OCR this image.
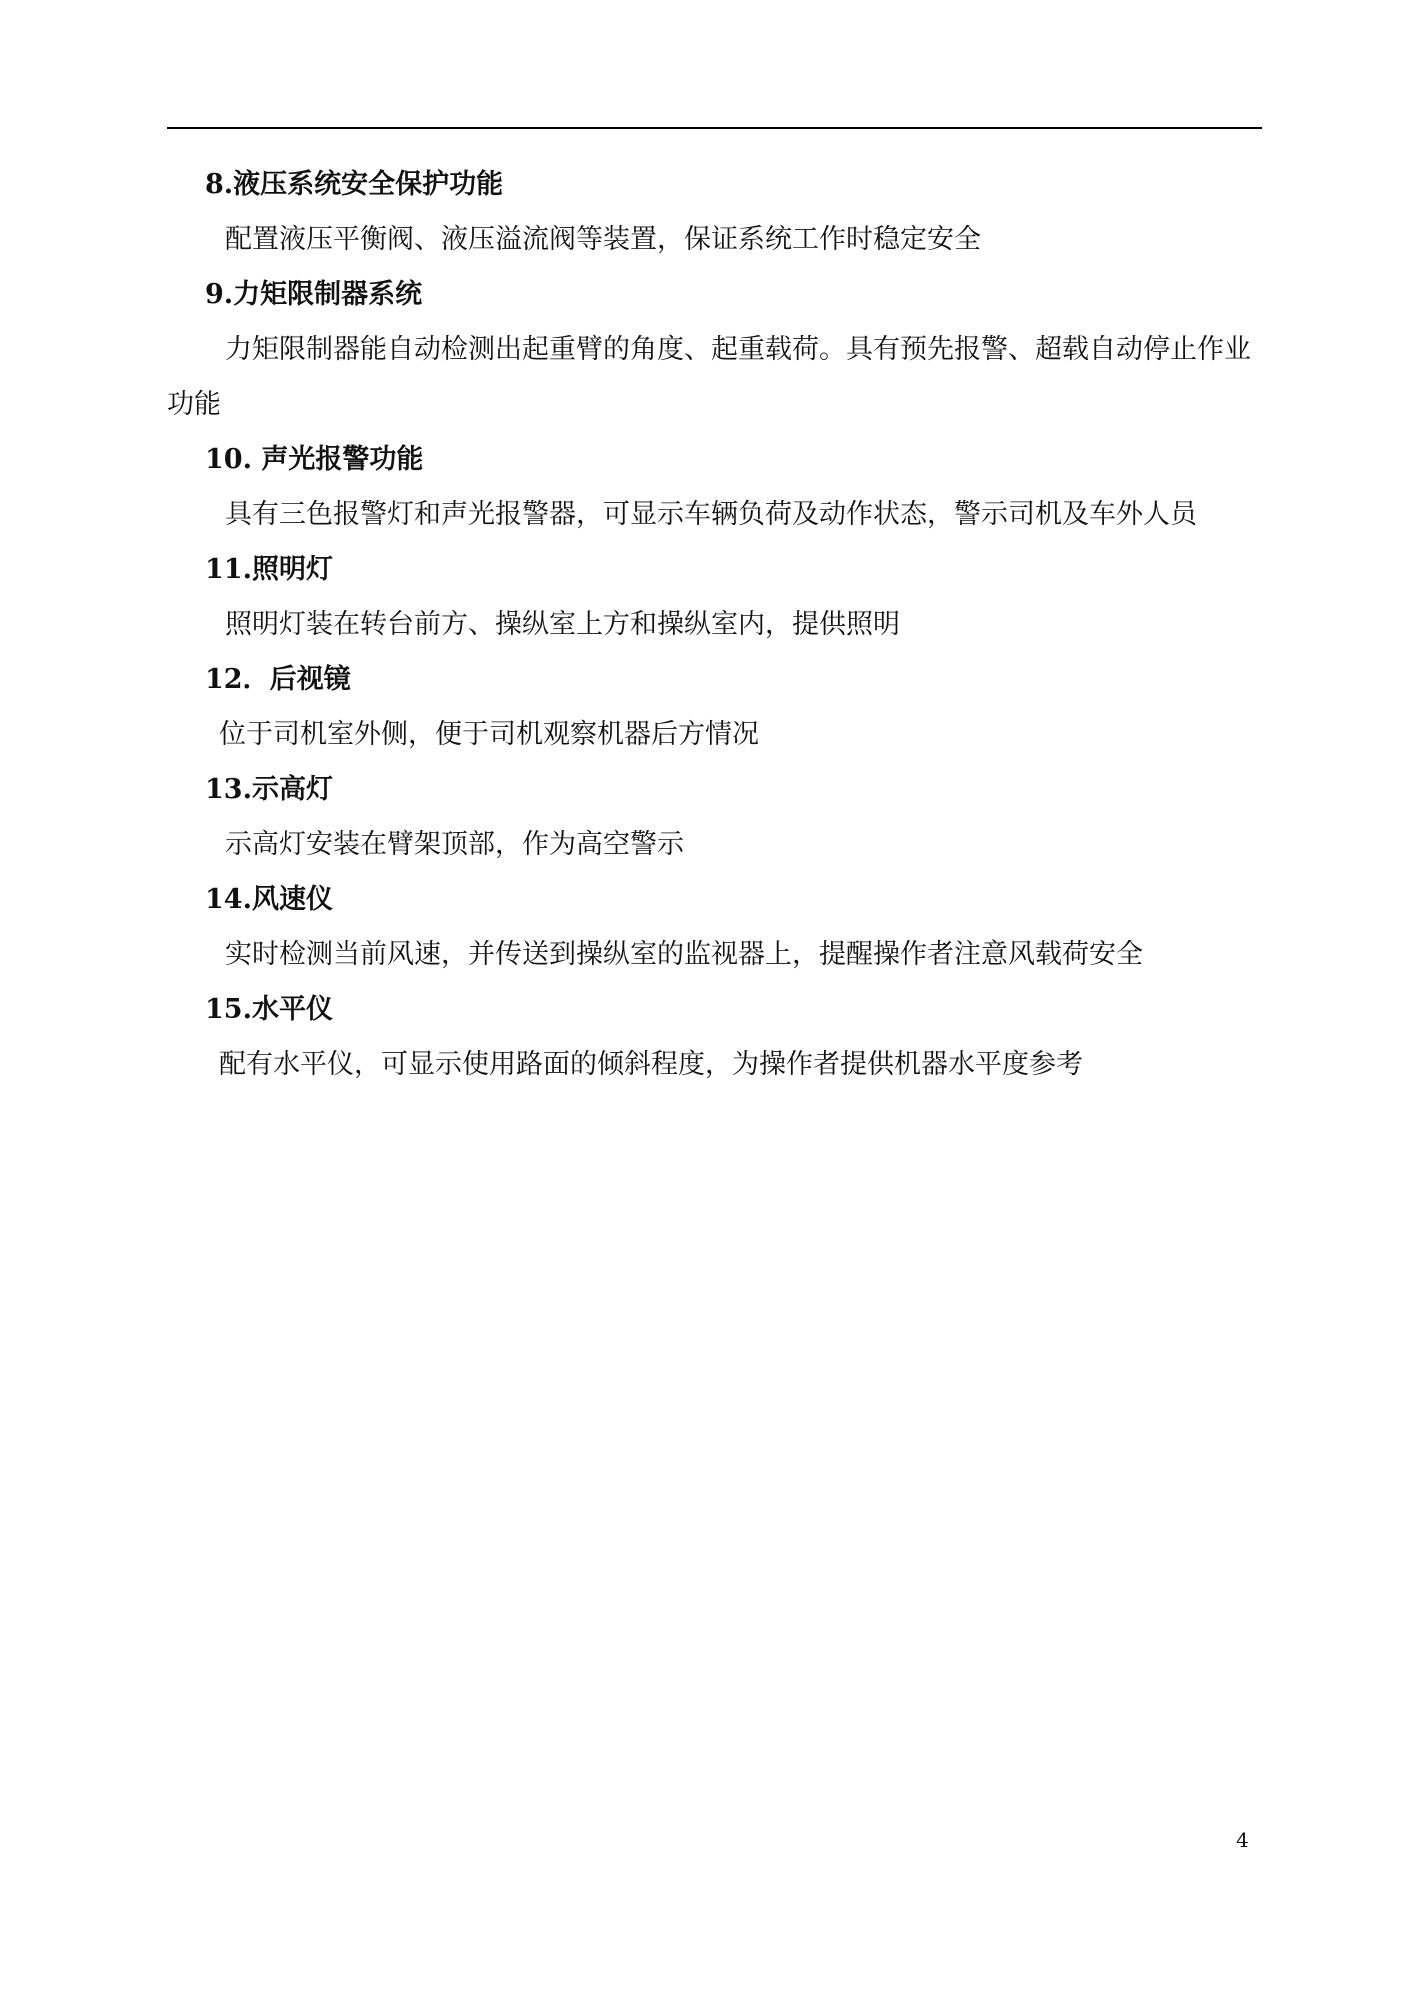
8.液压系统安全保护功能
配置液压平衡阀、液压溢流阀等装置，保证系统工作时稳定安全
9.力矩限制器系统
力矩限制器能自动检测出起重臂的角度、起重载荷。具有预先报警、超载自动停止作业功能
10. 声光报警功能
具有三色报警灯和声光报警器，可显示车辆负荷及动作状态，警示司机及车外人员
11.照明灯
照明灯装在转台前方、操纵室上方和操纵室内，提供照明
12．后视镜
位于司机室外侧，便于司机观察机器后方情况
13.示高灯
示高灯安装在臂架顶部，作为高空警示
14.风速仪
实时检测当前风速，并传送到操纵室的监视器上，提醒操作者注意风载荷安全
15.水平仪
配有水平仪，可显示使用路面的倾斜程度，为操作者提供机器水平度参考
4
